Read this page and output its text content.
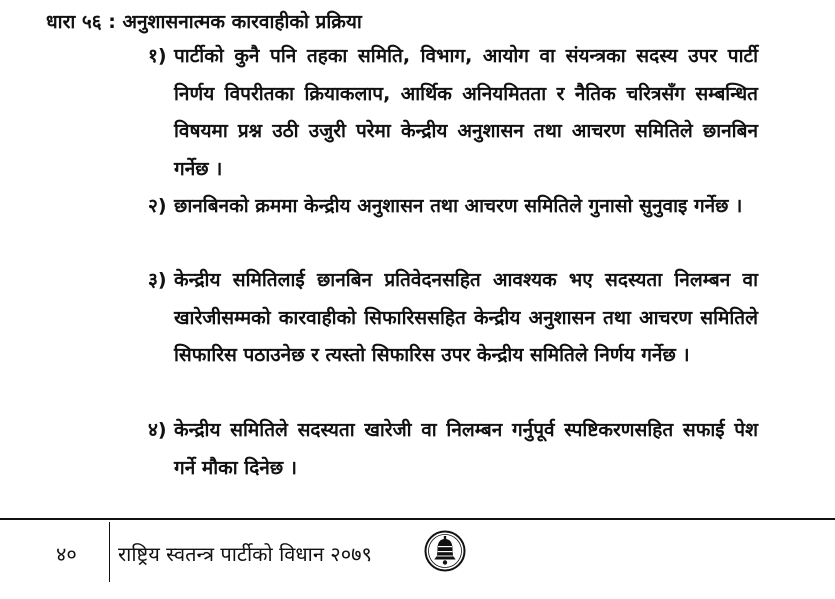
धारा ५६ : अनुशासनात्मक कारवाहीको प्रक्रिया
१) पार्टीको कुनै पनि तहका समिति, विभाग, आयोग वा संयन्त्रका सदस्य उपर पार्टी निर्णय विपरीतका क्रियाकलाप, आर्थिक अनियमितता र नैतिक चरित्रसँग सम्बन्धित विषयमा प्रश्न उठी उजुरी परेमा केन्द्रीय अनुशासन तथा आचरण समितिले छानबिन गर्नेछ ।
२) छानबिनको क्रममा केन्द्रीय अनुशासन तथा आचरण समितिले गुनासो सुनुवाइ गर्नेछ ।
३) केन्द्रीय समितिलाई छानबिन प्रतिवेदनसहित आवश्यक भए सदस्यता निलम्बन वा खारेजीसम्मको कारवाहीको सिफारिससहित केन्द्रीय अनुशासन तथा आचरण समितिले सिफारिस पठाउनेछ र त्यस्तो सिफारिस उपर केन्द्रीय समितिले निर्णय गर्नेछ ।
४) केन्द्रीय समितिले सदस्यता खारेजी वा निलम्बन गर्नुपूर्व स्पष्टिकरणसहित सफाई पेश गर्ने मौका दिनेछ ।
४० राष्ट्रिय स्वतन्त्र पार्टीको विधान २०७९
